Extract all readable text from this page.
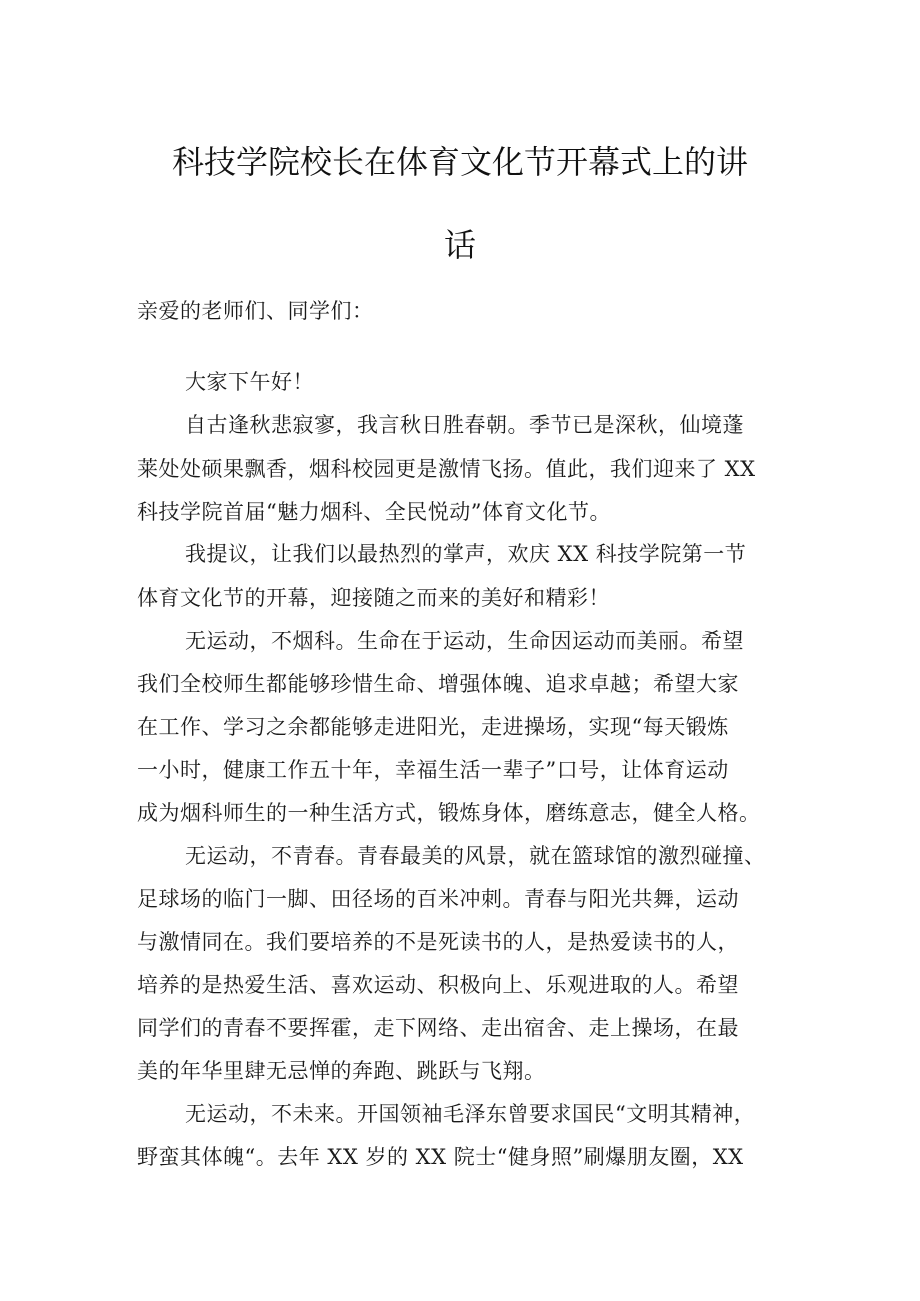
科技学院校长在体育文化节开幕式上的讲
话
亲爱的老师们、同学们：
大家下午好！
自古逢秋悲寂寥，我言秋日胜春朝。季节已是深秋，仙境蓬
莱处处硕果飘香，烟科校园更是激情飞扬。值此，我们迎来了 XX
科技学院首届“魅力烟科、全民悦动”体育文化节。
我提议，让我们以最热烈的掌声，欢庆 XX 科技学院第一节
体育文化节的开幕，迎接随之而来的美好和精彩！
无运动，不烟科。生命在于运动，生命因运动而美丽。希望
我们全校师生都能够珍惜生命、增强体魄、追求卓越；希望大家
在工作、学习之余都能够走进阳光，走进操场，实现“每天锻炼
一小时，健康工作五十年，幸福生活一辈子”口号，让体育运动
成为烟科师生的一种生活方式，锻炼身体，磨练意志，健全人格。
无运动，不青春。青春最美的风景，就在篮球馆的激烈碰撞、
足球场的临门一脚、田径场的百米冲刺。青春与阳光共舞，运动
与激情同在。我们要培养的不是死读书的人，是热爱读书的人，
培养的是热爱生活、喜欢运动、积极向上、乐观进取的人。希望
同学们的青春不要挥霍，走下网络、走出宿舍、走上操场，在最
美的年华里肆无忌惮的奔跑、跳跃与飞翔。
无运动，不未来。开国领袖毛泽东曾要求国民“文明其精神，
野蛮其体魄“。去年 XX 岁的 XX 院士“健身照”刷爆朋友圈，XX
